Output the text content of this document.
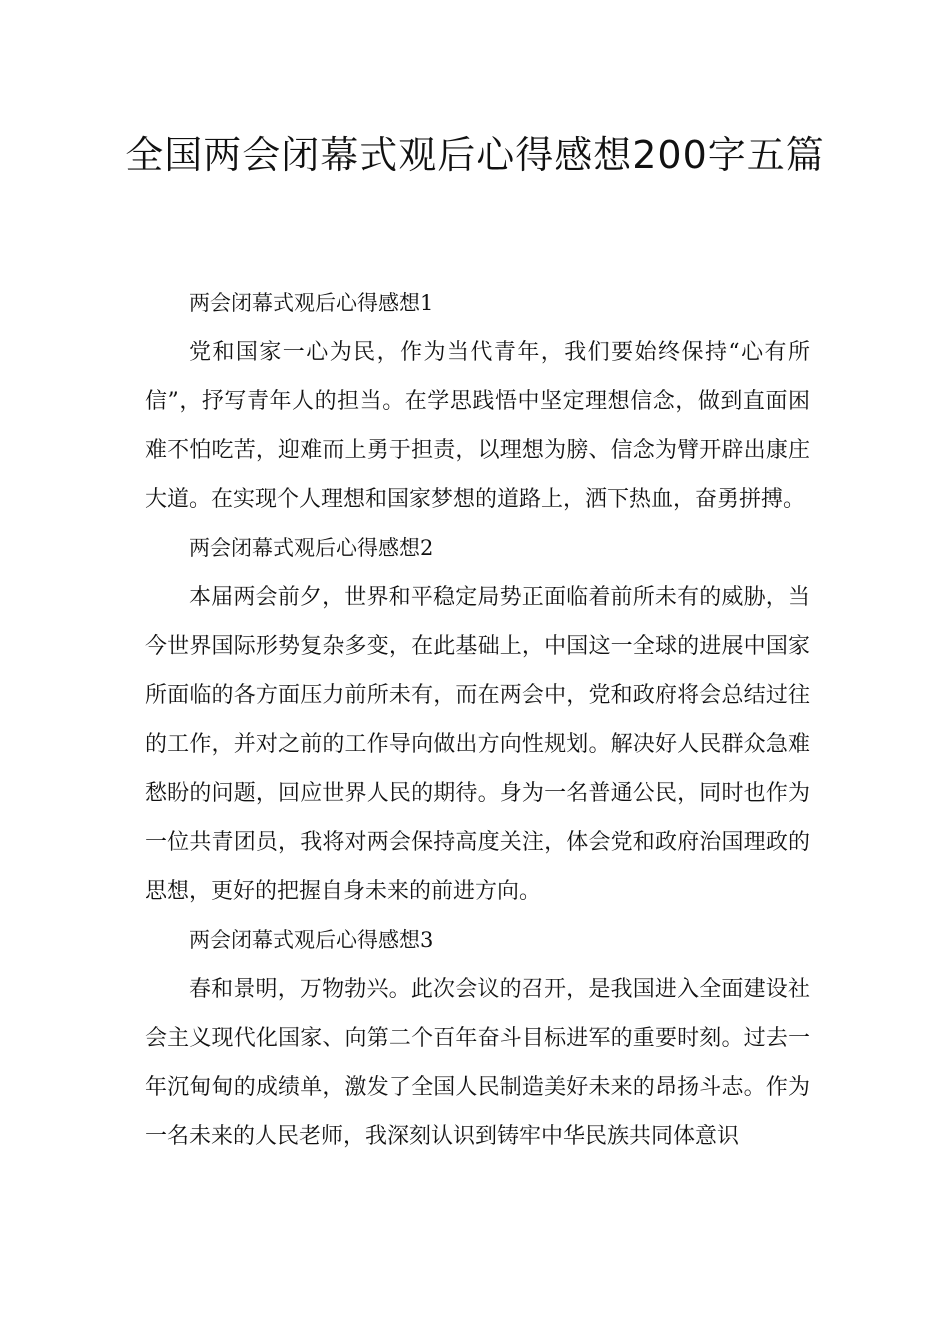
全国两会闭幕式观后心得感想200字五篇

两会闭幕式观后心得感想1

党和国家一心为民，作为当代青年，我们要始终保持“心有所信”，抒写青年人的担当。在学思践悟中坚定理想信念，做到直面困难不怕吃苦，迎难而上勇于担责，以理想为膀、信念为臂开辟出康庄大道。在实现个人理想和国家梦想的道路上，洒下热血，奋勇拼搏。

两会闭幕式观后心得感想2

本届两会前夕，世界和平稳定局势正面临着前所未有的威胁，当今世界国际形势复杂多变，在此基础上，中国这一全球的进展中国家所面临的各方面压力前所未有，而在两会中，党和政府将会总结过往的工作，并对之前的工作导向做出方向性规划。解决好人民群众急难愁盼的问题，回应世界人民的期待。身为一名普通公民，同时也作为一位共青团员，我将对两会保持高度关注，体会党和政府治国理政的思想，更好的把握自身未来的前进方向。

两会闭幕式观后心得感想3

春和景明，万物勃兴。此次会议的召开，是我国进入全面建设社会主义现代化国家、向第二个百年奋斗目标进军的重要时刻。过去一年沉甸甸的成绩单，激发了全国人民制造美好未来的昂扬斗志。作为一名未来的人民老师，我深刻认识到铸牢中华民族共同体意识
